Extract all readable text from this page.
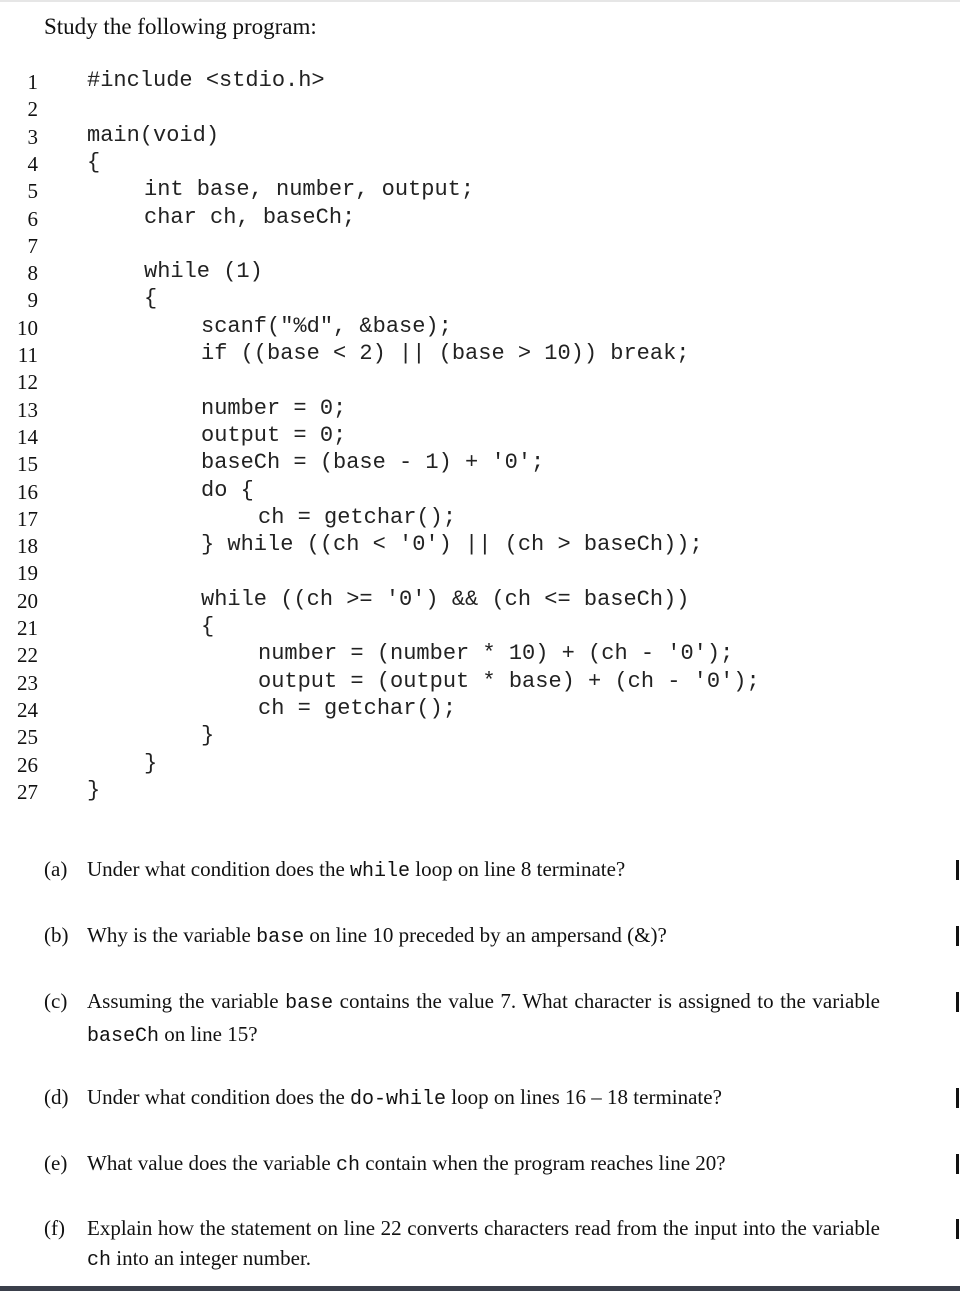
Study the following program:
1 #include <stdio.h>
2
3 main(void)
4 {
5	int base, number, output;
6	char ch, baseCh;
7
8	while (1)
9	{
10	scanf("%d", &base);
11	if ((base < 2) || (base > 10)) break;
12
13	number = 0;
14	output = 0;
15	baseCh = (base - 1) + '0';
16	do {
17	ch = getchar();
18	} while ((ch < '0') || (ch > baseCh));
19
20	while ((ch >= '0') && (ch <= baseCh))
21	{
22	number = (number * 10) + (ch - '0');
23	output = (output * base) + (ch - '0');
24	ch = getchar();
25	}
26	}
27 }
(a) Under what condition does the while loop on line 8 terminate?
(b) Why is the variable base on line 10 preceded by an ampersand (&)?
(c) Assuming the variable base contains the value 7. What character is assigned to the variable baseCh on line 15?
(d) Under what condition does the do-while loop on lines 16 – 18 terminate?
(e) What value does the variable ch contain when the program reaches line 20?
(f) Explain how the statement on line 22 converts characters read from the input into the variable ch into an integer number.
